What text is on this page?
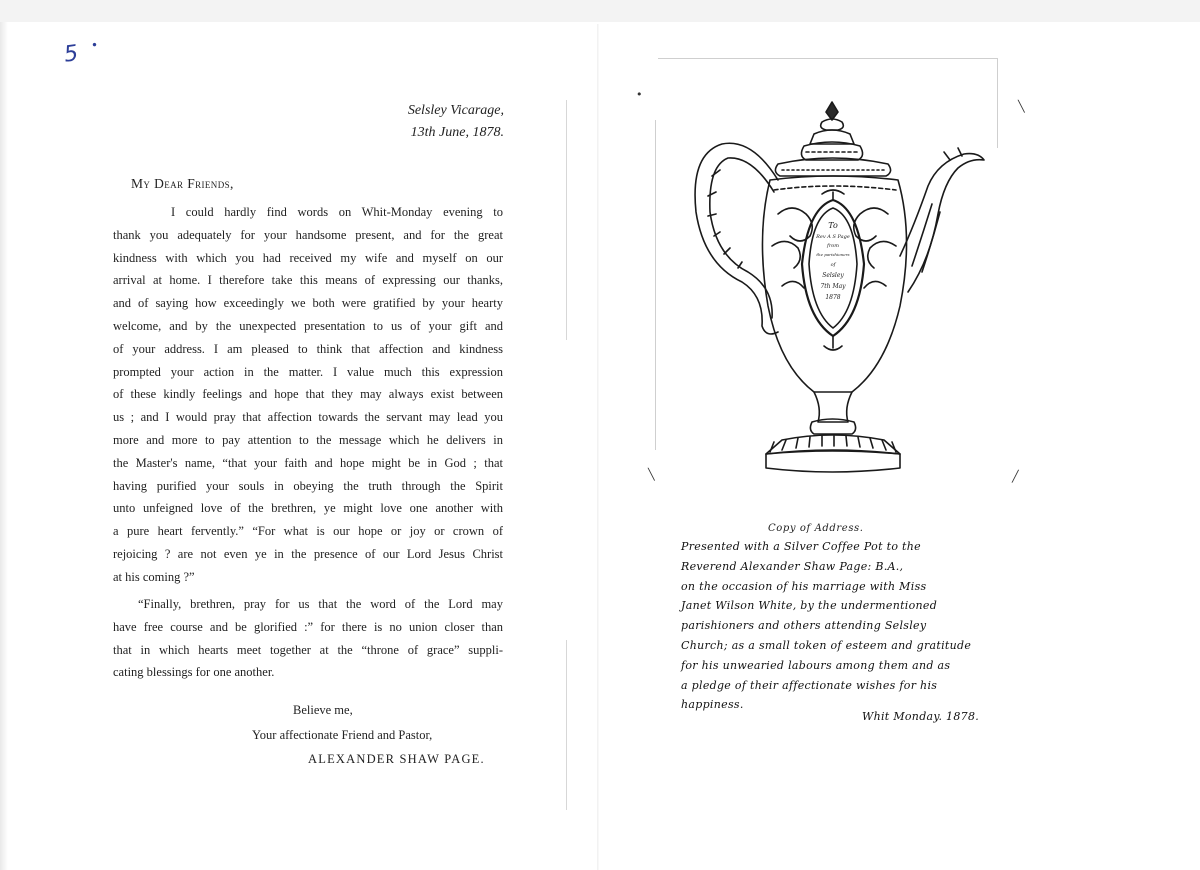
5 •
Selsley Vicarage,
13th June, 1878.
My Dear Friends,
I could hardly find words on Whit-Monday evening to
thank you adequately for your handsome present, and for the great
kindness with which you had received my wife and myself on our
arrival at home. I therefore take this means of expressing our thanks,
and of saying how exceedingly we both were gratified by your hearty
welcome, and by the unexpected presentation to us of your gift and
of your address. I am pleased to think that affection and kindness
prompted your action in the matter. I value much this expression
of these kindly feelings and hope that they may always exist between
us ; and I would pray that affection towards the servant may lead you
more and more to pay attention to the message which he delivers in
the Master's name, “that your faith and hope might be in God ; that
having purified your souls in obeying the truth through the Spirit
unto unfeigned love of the brethren, ye might love one another with
a pure heart fervently.” “For what is our hope or joy or crown of
rejoicing ? are not even ye in the presence of our Lord Jesus Christ
at his coming ?”
“Finally, brethren, pray for us that the word of the Lord may
have free course and be glorified :” for there is no union closer than
that in which hearts meet together at the “throne of grace” suppli-
cating blessings for one another.
Believe me,
Your affectionate Friend and Pastor,
ALEXANDER SHAW PAGE.
To
Rev A S Page
from
the parishioners
of
Selsley
7th May
1878
•
╲
╲	╱
Copy of Address.
Presented with a Silver Coffee Pot to the
Reverend Alexander Shaw Page: B.A.,
on the occasion of his marriage with Miss
Janet Wilson White, by the undermentioned
parishioners and others attending Selsley
Church; as a small token of esteem and gratitude
for his unwearied labours among them and as
a pledge of their affectionate wishes for his
happiness.
Whit Monday. 1878.
